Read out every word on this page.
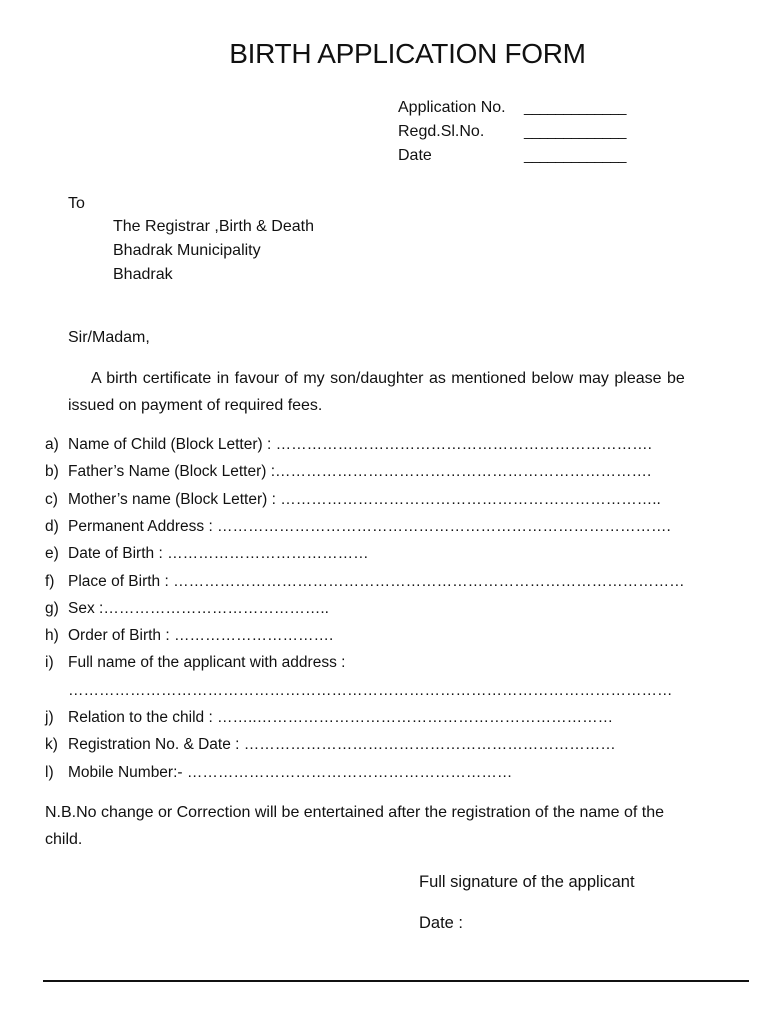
BIRTH APPLICATION FORM
Application No. _____________
Regd.Sl.No.	_____________
Date	_____________
To
The Registrar ,Birth & Death
Bhadrak Municipality
Bhadrak
Sir/Madam,
A birth certificate in favour of my son/daughter as mentioned below may please be
issued on payment of required fees.
a) Name of Child (Block Letter) : ……………………………………………………………….
b) Father’s Name (Block Letter) :……………………………………………………………….
c) Mother’s name (Block Letter) : ………………………………………………………………..
d) Permanent Address : …………………………………………………………………………….
e) Date of Birth : …………………………………
f) Place of Birth : ………………………………………………………………………………………
g) Sex :……………………………………..
h) Order of Birth : ………………………….
i) Full name of the applicant with address :
………………………………………………………………………………………………………
j) Relation to the child : ……..……………………………………………………………
k) Registration No. & Date : ………………………………………………………………
l) Mobile Number:- ………………………………………………………
N.B.No change or Correction will be entertained after the registration of the name of the
child.
Full signature of the applicant
Date :
